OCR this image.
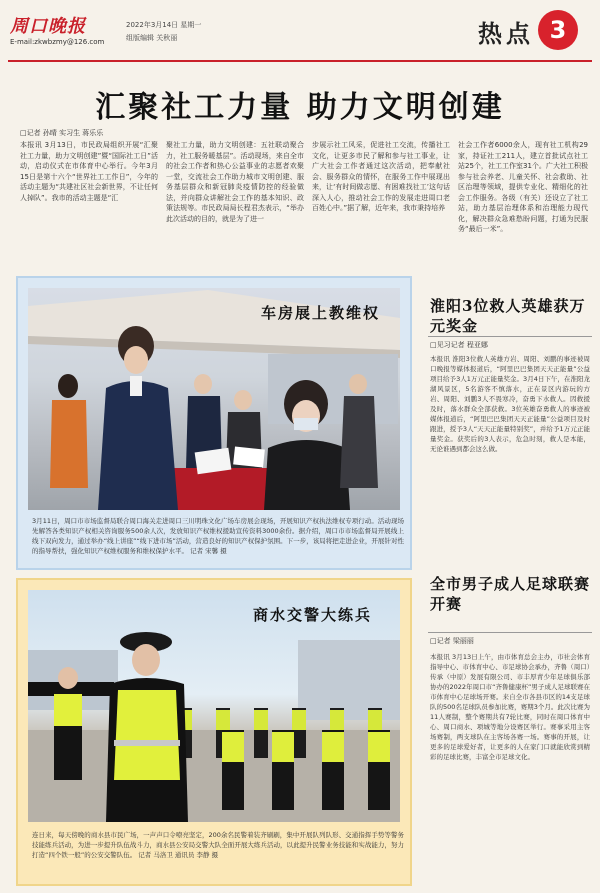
周口晚报
E-mail:zkwbzmy@126.com
2022年3月14日 星期一
组版编辑 关秋丽	热点 3
汇聚社工力量 助力文明创建
□记者 孙晴 实习生 蒋乐乐
本报讯 3月13日，市民政局组织开展“汇聚社工力量，助力文明创建”暨“国际社工日”活动，启动仪式在市体育中心举行。今年3月15日是第十六个“世界社工工作日”，今年的活动主题为“共建社区社会新世界，不让任何人掉队”。我市的活动主题是“汇
聚社工力量，助力文明创建：五社联动聚合力，社工服务暖基层”。活动现场，来自全市的社会工作者和热心公益事业的志愿者欢聚一堂，交流社会工作助力城市文明创建、服务基层群众和新冠肺炎疫情防控的经验做法，并向群众讲解社会工作的基本知识、政策法规等。市民政局局长程君杰表示，“举办此次活动的目的，就是为了进一
步展示社工风采，促进社工交流，传播社工文化，让更多市民了解和参与社工事业，让广大社会工作者通过这次活动，把奉献社会、服务群众的情怀，在服务工作中展现出来，让‘有时间做志愿、有困难找社工’这句话深入人心，推动社会工作的发展走进周口老百姓心中。”据了解，近年来，我市秉持培养
社会工作者6000余人，现有社工机构29家，持证社工211人，建立首批试点社工站25个，社工工作室31个。广大社工积极参与社会养老、儿童关怀、社会救助、社区治理等领域，提供专业化、精细化的社会工作服务。各级（有关）还设立了社工站，助力基层治理体系和治理能力现代化，解决群众急难愁盼问题，打通为民服务“最后一米”。
车房展上教维权
3月11日，周口市市场监督局联合周口海关走进周口三川明珠文化广场车房展会现场，开展知识产权执法维权专项行动。活动现场先解答各类知识产权相关咨询服务500余人次，发放知识产权维权援助宣传资料3000余份。据介绍，周口市市场监督局开展线上线下双向发力，通过举办“线上讲座”“线下进市场”活动，营造良好的知识产权保护氛围。下一步，该局将把走进企业，开展针对性的指导帮扶，强化知识产权维权服务和维权保护水平。 记者 宋馨 摄
商水交警大练兵
连日来，每天傍晚的商水县市民广场，一声声口令嘹亮坚定，200余名民警着装齐刷刷，集中开展队列队形、交通指挥手势等警务技能练兵活动，为进一步提升队伍战斗力，商水县公安局交警大队全面开展大练兵活动，以此提升民警业务技能和实战能力，努力打造“四个铁一般”的公安交警队伍。 记者 马洛卫 通讯员 李静 摄
淮阳3位救人英雄获万元奖金
□见习记者 程亚娜
本报讯 淮阳3位救人英雄方岩、周阳、刘鹏的事迹被周口晚报等媒体报道后，“阿里巴巴集团天天正能量”公益项目给予3人1万元正能量奖金。3月4日下午，在淮阳龙湖风景区，5名游客不慎落水，正在景区内游玩的方岩、周阳、刘鹏3人不畏寒冷，奋勇下水救人。因救援及时，落水群众全部获救。3位英雄奋勇救人的事迹被媒体报道后，“阿里巴巴集团天天正能量”公益项目及时跟进，授予3人“天天正能量特别奖”，并给予1万元正能量奖金。获奖后的3人表示，危急时刻，救人是本能，无论谁遇到都会这么做。
全市男子成人足球联赛开赛
□记者 梁丽丽
本报讯 3月13日上午，由市体育总会主办，市社会体育指导中心、市体育中心、市足球协会承办，齐鲁（周口）传承（中原）发展有限公司、市丰厚青少年足球俱乐部协办的2022年周口市“齐鲁健康杯”男子成人足球联赛在市体育中心足球场开赛。来自全市各县市区的14支足球队的500名足球队员参加比赛，赛期3个月。此次比赛为11人赛制，整个赛期共有7轮比赛，同时在周口体育中心、周口商水、项城等地分设赛区举行。赛事采用主客场赛制，两支球队在主客场各赛一场。赛事的开展，让更多的足球爱好者，让更多的人在家门口就能欣赏到精彩的足球比赛，丰富全市足球文化。
